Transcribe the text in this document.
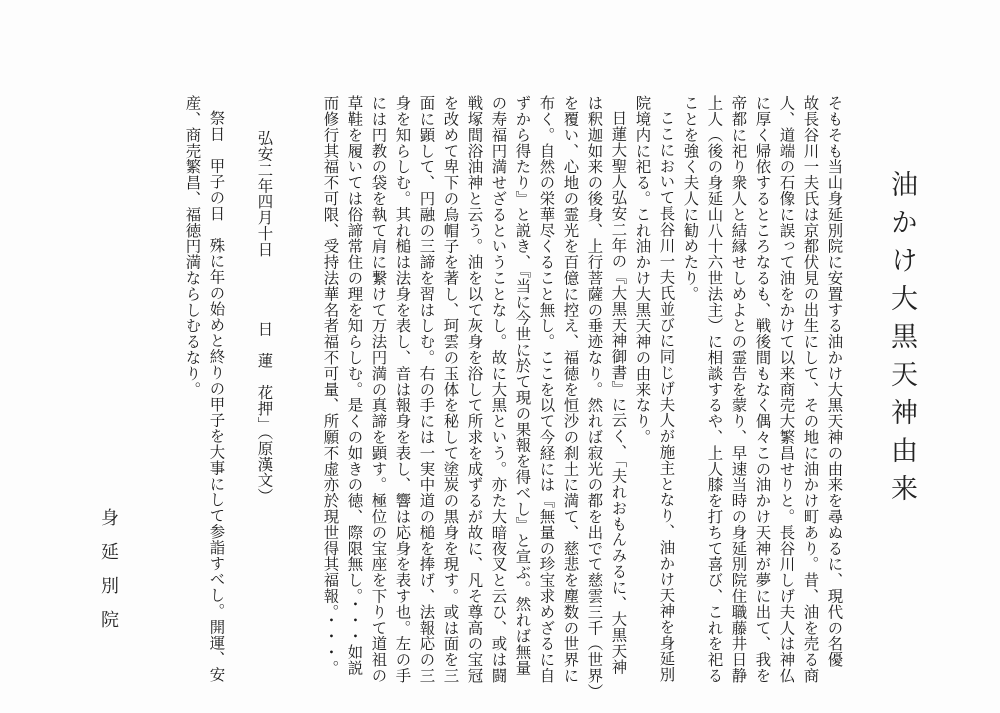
油かけ大黒天神由来
そもそも当山身延別院に安置する油かけ大黒天神の由来を尋ぬるに、現代の名優
故長谷川一夫氏は京都伏見の出生にして、その地に油かけ町あり。昔、油を売る商
人、道端の石像に誤って油をかけて以来商売大繁昌せりと。長谷川しげ夫人は神仏
に厚く帰依するところなるも、戦後間もなく偶々この油かけ天神が夢に出て、我を
帝都に祀り衆人と結縁せしめよとの霊告を蒙り、早速当時の身延別院住職藤井日静
上人（後の身延山八十六世法主）に相談するや、上人膝を打ちて喜び、これを祀る
ことを強く夫人に勧めたり。
ここにおいて長谷川一夫氏並びに同じげ夫人が施主となり、油かけ天神を身延別
院境内に祀る。これ油かけ大黒天神の由来なり。
日蓮大聖人弘安二年の『大黒天神御書』に云く、「夫れおもんみるに、大黒天神
は釈迦如来の後身、上行菩薩の垂迹なり。然れば寂光の都を出でて慈雲三千（世界）
を覆い、心地の霊光を百億に控え、福徳を恒沙の刹土に満て、慈悲を塵数の世界に
布く。自然の栄華尽くること無し。ここを以て今経には『無量の珍宝求めざるに自
ずから得たり』と説き、『当に今世に於て現の果報を得べし』と宣ぶ。然れば無量
の寿福円満せざるということなし。故に大黒という。亦た大暗夜叉と云ひ、或は闘
戦塚間浴油神と云う。油を以て灰身を浴して所求を成ずるが故に、凡そ尊高の宝冠
を改めて卑下の烏帽子を著し、珂雲の玉体を秘して塗炭の黒身を現す。或は面を三
面に顕して、円融の三諦を習はしむ。右の手には一実中道の槌を捧げ、法報応の三
身を知らしむ。其れ槌は法身を表し、音は報身を表し、響は応身を表す也。左の手
には円教の袋を執て肩に繋けて万法円満の真諦を顕す。極位の宝座を下りて道祖の
草鞋を履いては俗諦常住の理を知らしむ。是くの如きの徳、際限無し。・・・如説
而修行其福不可限、受持法華名者福不可量、所願不虚亦於現世得其福報。・・・。
弘安二年四月十日　　　　日　蓮　花押」（原漢文）
祭日　甲子の日　殊に年の始めと終りの甲子を大事にして参詣すべし。開運、安
産、商売繁昌、福徳円満ならしむるなり。
身延別院
